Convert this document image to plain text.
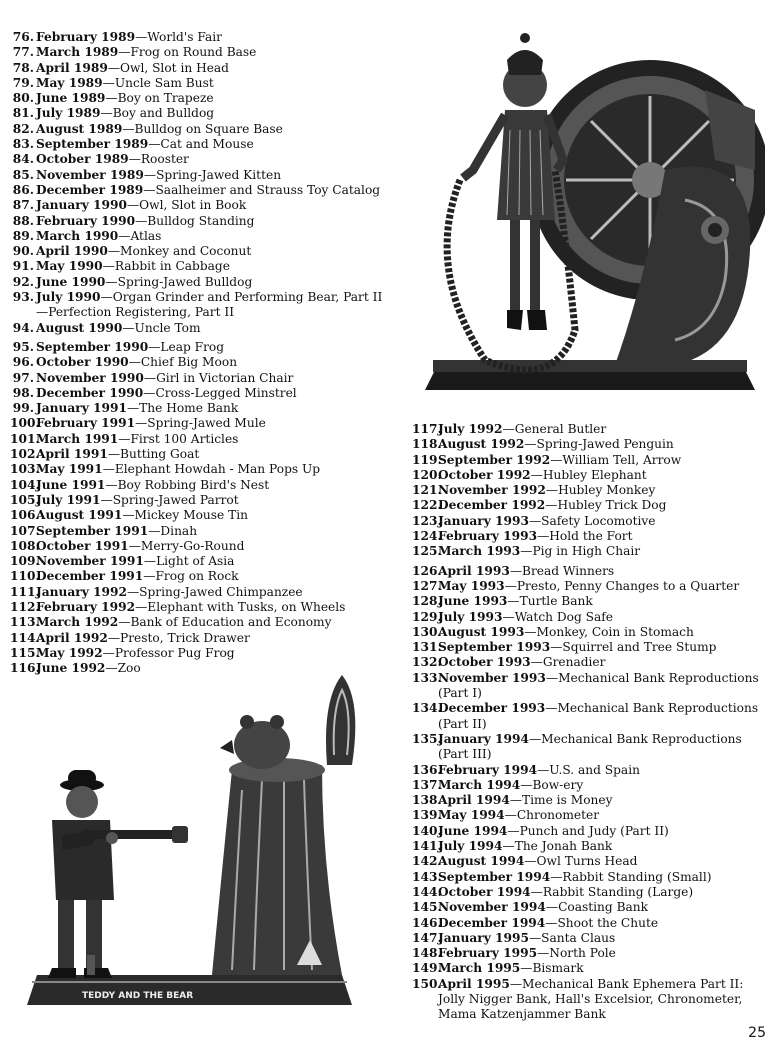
76. February 1989—World's Fair
77. March 1989—Frog on Round Base
78. April 1989—Owl, Slot in Head
79. May 1989—Uncle Sam Bust
80. June 1989—Boy on Trapeze
81. July 1989—Boy and Bulldog
82. August 1989—Bulldog on Square Base
83. September 1989—Cat and Mouse
84. October 1989—Rooster
85. November 1989—Spring-Jawed Kitten
86. December 1989—Saalheimer and Strauss Toy Catalog
87. January 1990—Owl, Slot in Book
88. February 1990—Bulldog Standing
89. March 1990—Atlas
90. April 1990—Monkey and Coconut
91. May 1990—Rabbit in Cabbage
92. June 1990—Spring-Jawed Bulldog
93. July 1990—Organ Grinder and Performing Bear, Part II —Perfection Registering, Part II
94. August 1990—Uncle Tom
95. September 1990—Leap Frog
96. October 1990—Chief Big Moon
97. November 1990—Girl in Victorian Chair
98. December 1990—Cross-Legged Minstrel
99. January 1991—The Home Bank
100.
February 1991—Spring-Jawed Mule
101.
March 1991—First 100 Articles
102.
April 1991—Butting Goat
103.
May 1991—Elephant Howdah - Man Pops Up
104.
June 1991—Boy Robbing Bird's Nest
105.
July 1991—Spring-Jawed Parrot
106.
August 1991—Mickey Mouse Tin
107.
September 1991—Dinah
108.
October 1991—Merry-Go-Round
109.
November 1991—Light of Asia
110.
December 1991—Frog on Rock
111.
January 1992—Spring-Jawed Chimpanzee
112.
February 1992—Elephant with Tusks, on Wheels
113.
March 1992—Bank of Education and Economy
114.
April 1992—Presto, Trick Drawer
115.
May 1992—Professor Pug Frog
116.
June 1992—Zoo
117.
July 1992—General Butler
118.
August 1992—Spring-Jawed Penguin
119.
September 1992—William Tell, Arrow
120.
October 1992—Hubley Elephant
121.
November 1992—Hubley Monkey
122.
December 1992—Hubley Trick Dog
123.
January 1993—Safety Locomotive
124.
February 1993—Hold the Fort
125.
March 1993—Pig in High Chair
126.
April 1993—Bread Winners
127.
May 1993—Presto, Penny Changes to a Quarter
128.
June 1993—Turtle Bank
129.
July 1993—Watch Dog Safe
130.
August 1993—Monkey, Coin in Stomach
131.
September 1993—Squirrel and Tree Stump
132.
October 1993—Grenadier
133.
November 1993—Mechanical Bank Reproductions (Part I)
134.
December 1993—Mechanical Bank Reproductions (Part II)
135.
January 1994—Mechanical Bank Reproductions (Part III)
136.
February 1994—U.S. and Spain
137.
March 1994—Bow-ery
138.
April 1994—Time is Money
139.
May 1994—Chronometer
140.
June 1994—Punch and Judy (Part II)
141.
July 1994—The Jonah Bank
142.
August 1994—Owl Turns Head
143.
September 1994—Rabbit Standing (Small)
144.
October 1994—Rabbit Standing (Large)
145.
November 1994—Coasting Bank
146.
December 1994—Shoot the Chute
147.
January 1995—Santa Claus
148.
February 1995—North Pole
149.
March 1995—Bismark
150.
April 1995—Mechanical Bank Ephemera Part II: Jolly Nigger Bank, Hall's Excelsior, Chronometer, Mama Katzenjammer Bank
TEDDY AND THE BEAR
25
